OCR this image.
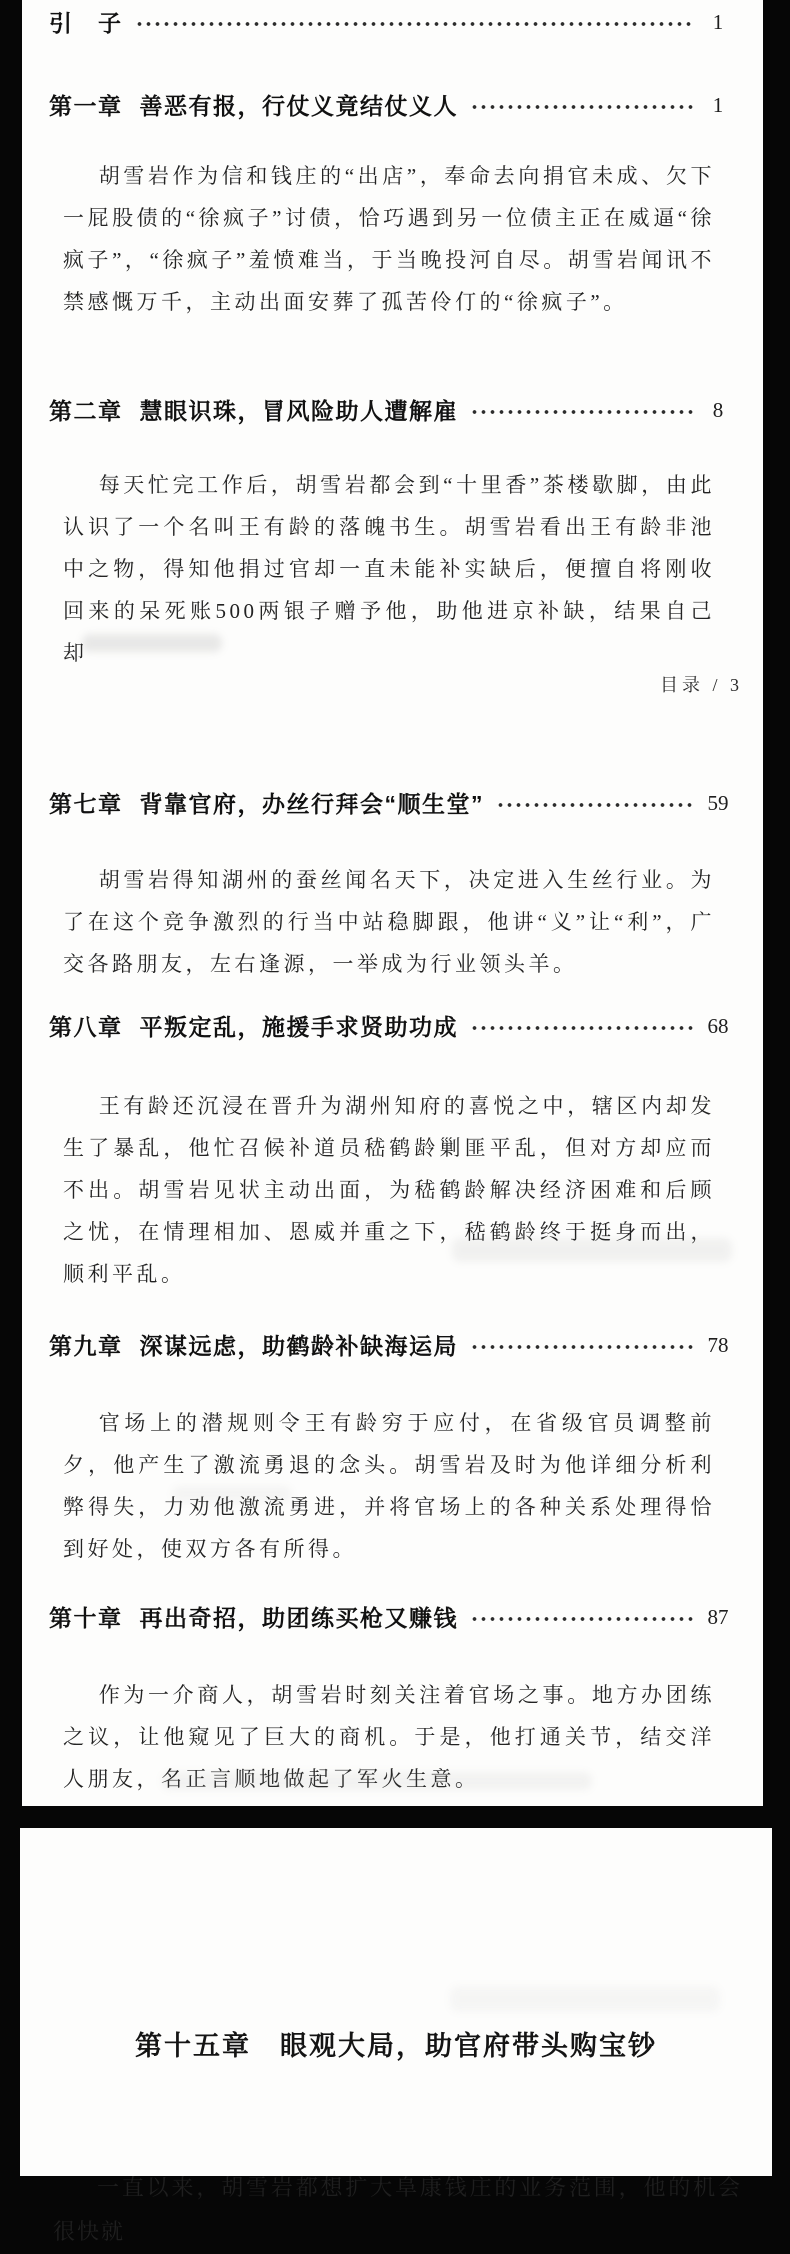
引　子	1
第一章 善恶有报，行仗义竟结仗义人	1

胡雪岩作为信和钱庄的“出店”，奉命去向捐官未成、欠下一屁股债的“徐疯子”讨债，恰巧遇到另一位债主正在威逼“徐疯子”，“徐疯子”羞愤难当，于当晚投河自尽。胡雪岩闻讯不禁感慨万千，主动出面安葬了孤苦伶仃的“徐疯子”。

第二章 慧眼识珠，冒风险助人遭解雇	8

每天忙完工作后，胡雪岩都会到“十里香”茶楼歇脚，由此认识了一个名叫王有龄的落魄书生。胡雪岩看出王有龄非池中之物，得知他捐过官却一直未能补实缺后，便擅自将刚收回来的呆死账500两银子赠予他，助他进京补缺，结果自己却

目录 / 3
第七章 背靠官府，办丝行拜会“顺生堂”	59

胡雪岩得知湖州的蚕丝闻名天下，决定进入生丝行业。为了在这个竞争激烈的行当中站稳脚跟，他讲“义”让“利”，广交各路朋友，左右逢源，一举成为行业领头羊。

第八章 平叛定乱，施援手求贤助功成	68

王有龄还沉浸在晋升为湖州知府的喜悦之中，辖区内却发生了暴乱，他忙召候补道员嵇鹤龄剿匪平乱，但对方却应而不出。胡雪岩见状主动出面，为嵇鹤龄解决经济困难和后顾之忧，在情理相加、恩威并重之下，嵇鹤龄终于挺身而出，顺利平乱。

第九章 深谋远虑，助鹤龄补缺海运局	78

官场上的潜规则令王有龄穷于应付，在省级官员调整前夕，他产生了激流勇退的念头。胡雪岩及时为他详细分析利弊得失，力劝他激流勇进，并将官场上的各种关系处理得恰到好处，使双方各有所得。

第十章 再出奇招，助团练买枪又赚钱	87

作为一介商人，胡雪岩时刻关注着官场之事。地方办团练之议，让他窥见了巨大的商机。于是，他打通关节，结交洋人朋友，名正言顺地做起了军火生意。

第十五章　眼观大局，助官府带头购宝钞

一直以来，胡雪岩都想扩大阜康钱庄的业务范围，他的机会很快就
